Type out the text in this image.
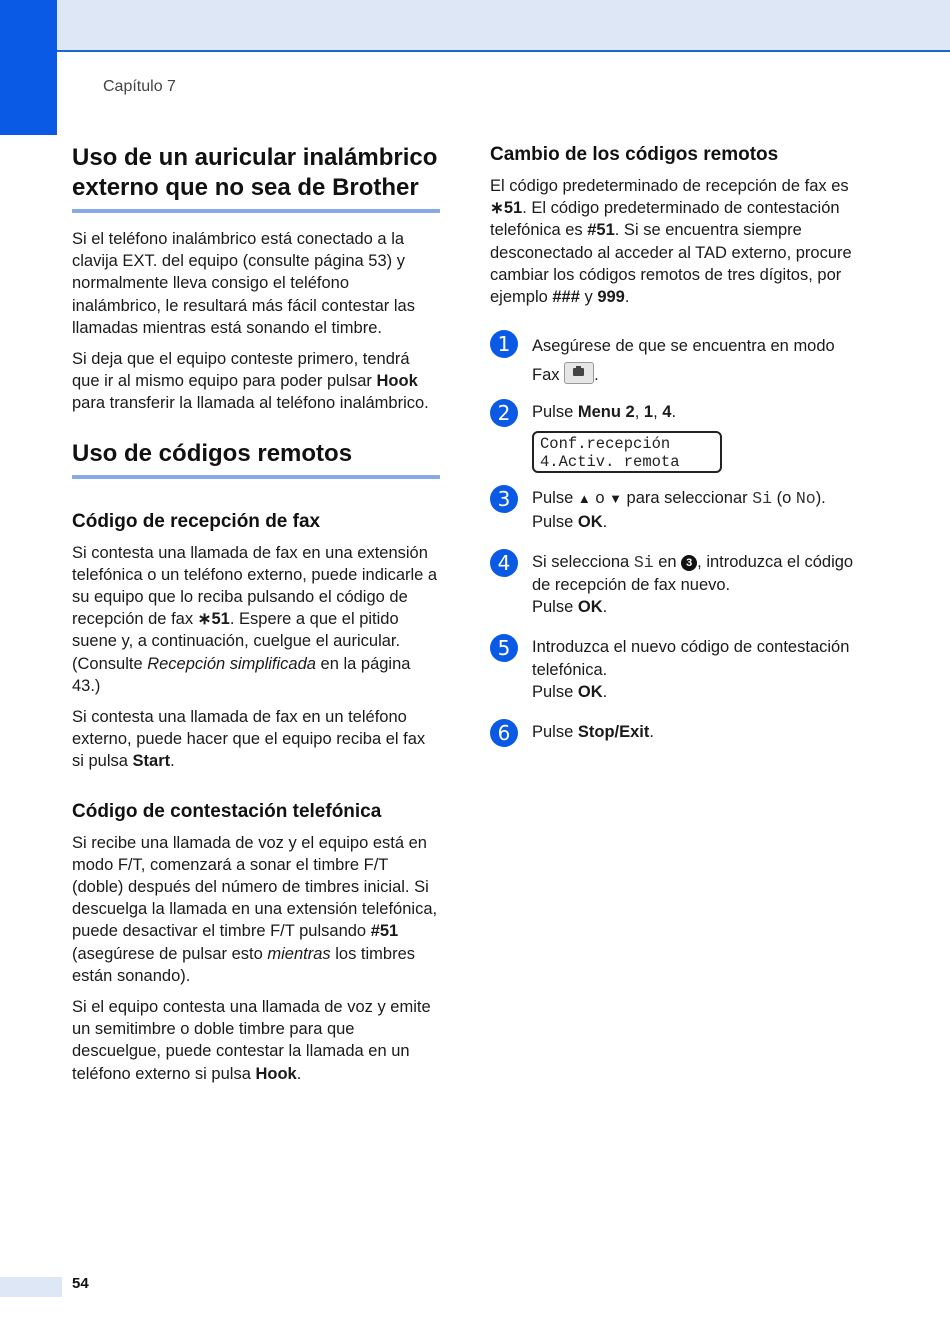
Capítulo 7
Uso de un auricular inalámbrico externo que no sea de Brother

Si el teléfono inalámbrico está conectado a la clavija EXT. del equipo (consulte página 53) y normalmente lleva consigo el teléfono inalámbrico, le resultará más fácil contestar las llamadas mientras está sonando el timbre.

Si deja que el equipo conteste primero, tendrá que ir al mismo equipo para poder pulsar Hook para transferir la llamada al teléfono inalámbrico.

Uso de códigos remotos
Código de recepción de fax

Si contesta una llamada de fax en una extensión telefónica o un teléfono externo, puede indicarle a su equipo que lo reciba pulsando el código de recepción de fax ∗51. Espere a que el pitido suene y, a continuación, cuelgue el auricular. (Consulte Recepción simplificada en la página 43.)

Si contesta una llamada de fax en un teléfono externo, puede hacer que el equipo reciba el fax si pulsa Start.

Código de contestación telefónica

Si recibe una llamada de voz y el equipo está en modo F/T, comenzará a sonar el timbre F/T (doble) después del número de timbres inicial. Si descuelga la llamada en una extensión telefónica, puede desactivar el timbre F/T pulsando #51 (asegúrese de pulsar esto mientras los timbres están sonando).

Si el equipo contesta una llamada de voz y emite un semitimbre o doble timbre para que descuelgue, puede contestar la llamada en un teléfono externo si pulsa Hook.

Cambio de los códigos remotos

El código predeterminado de recepción de fax es ∗51. El código predeterminado de contestación telefónica es #51. Si se encuentra siempre desconectado al acceder al TAD externo, procure cambiar los códigos remotos de tres dígitos, por ejemplo ### y 999.

1	Asegúrese de que se encuentra en modo Fax .

2	Pulse Menu 2, 1, 4.

Conf.recepción
4.Activ. remota
3	Pulse ▲ o ▼ para seleccionar Si (o No).
Pulse OK.

4	Si selecciona Si en 3 , introduzca el código de recepción de fax nuevo.
Pulse OK.

5	Introduzca el nuevo código de contestación telefónica.
Pulse OK.

6	Pulse Stop/Exit.

54
